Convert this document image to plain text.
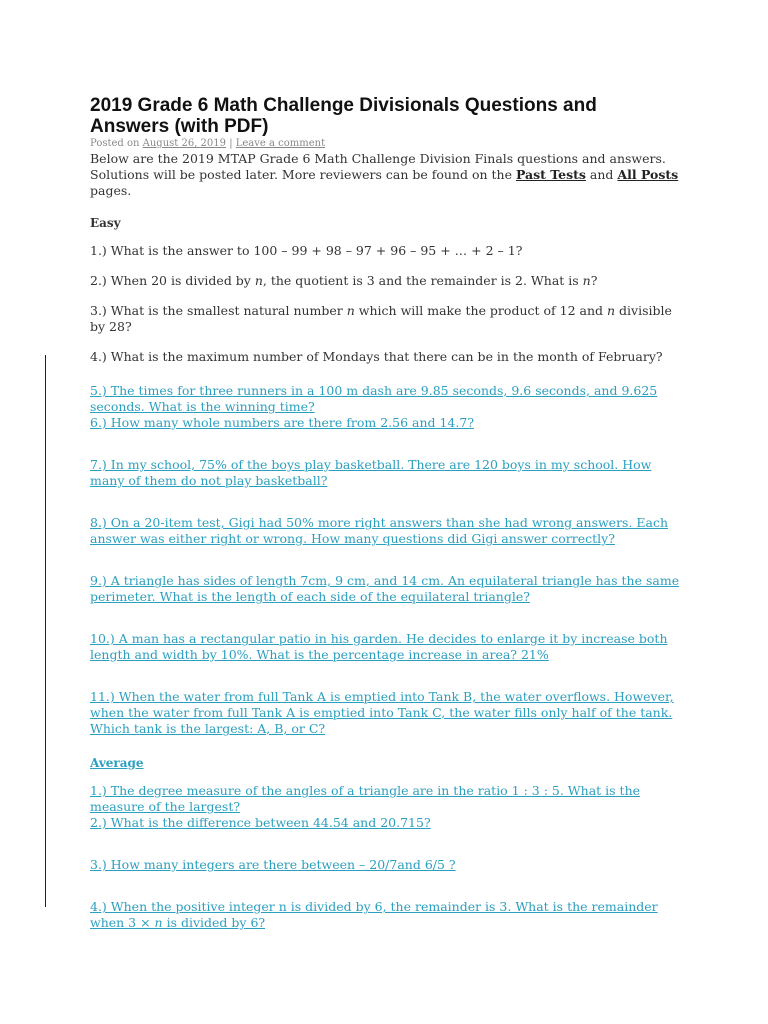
2019 Grade 6 Math Challenge Divisionals Questions and Answers (with PDF)
Posted on August 26, 2019 | Leave a comment
Below are the 2019 MTAP Grade 6 Math Challenge Division Finals questions and answers. Solutions will be posted later. More reviewers can be found on the Past Tests and All Posts pages.
Easy
1.) What is the answer to 100 – 99 + 98 – 97 + 96 – 95 + … + 2 – 1?
2.) When 20 is divided by n, the quotient is 3 and the remainder is 2. What is n?
3.) What is the smallest natural number n which will make the product of 12 and n divisible by 28?
4.) What is the maximum number of Mondays that there can be in the month of February?
5.) The times for three runners in a 100 m dash are 9.85 seconds, 9.6 seconds, and 9.625 seconds. What is the winning time?
6.) How many whole numbers are there from 2.56 and 14.7?
7.) In my school, 75% of the boys play basketball. There are 120 boys in my school. How many of them do not play basketball?
8.) On a 20-item test, Gigi had 50% more right answers than she had wrong answers. Each answer was either right or wrong. How many questions did Gigi answer correctly?
9.) A triangle has sides of length 7cm, 9 cm, and 14 cm. An equilateral triangle has the same perimeter. What is the length of each side of the equilateral triangle?
10.) A man has a rectangular patio in his garden. He decides to enlarge it by increase both length and width by 10%. What is the percentage increase in area? 21%
11.) When the water from full Tank A is emptied into Tank B, the water overflows. However, when the water from full Tank A is emptied into Tank C, the water fills only half of the tank. Which tank is the largest: A, B, or C?
Average
1.) The degree measure of the angles of a triangle are in the ratio 1 : 3 : 5. What is the measure of the largest?
2.) What is the difference between 44.54 and 20.715?
3.) How many integers are there between – 20/7and 6/5 ?
4.) When the positive integer n is divided by 6, the remainder is 3. What is the remainder when 3 × n is divided by 6?
